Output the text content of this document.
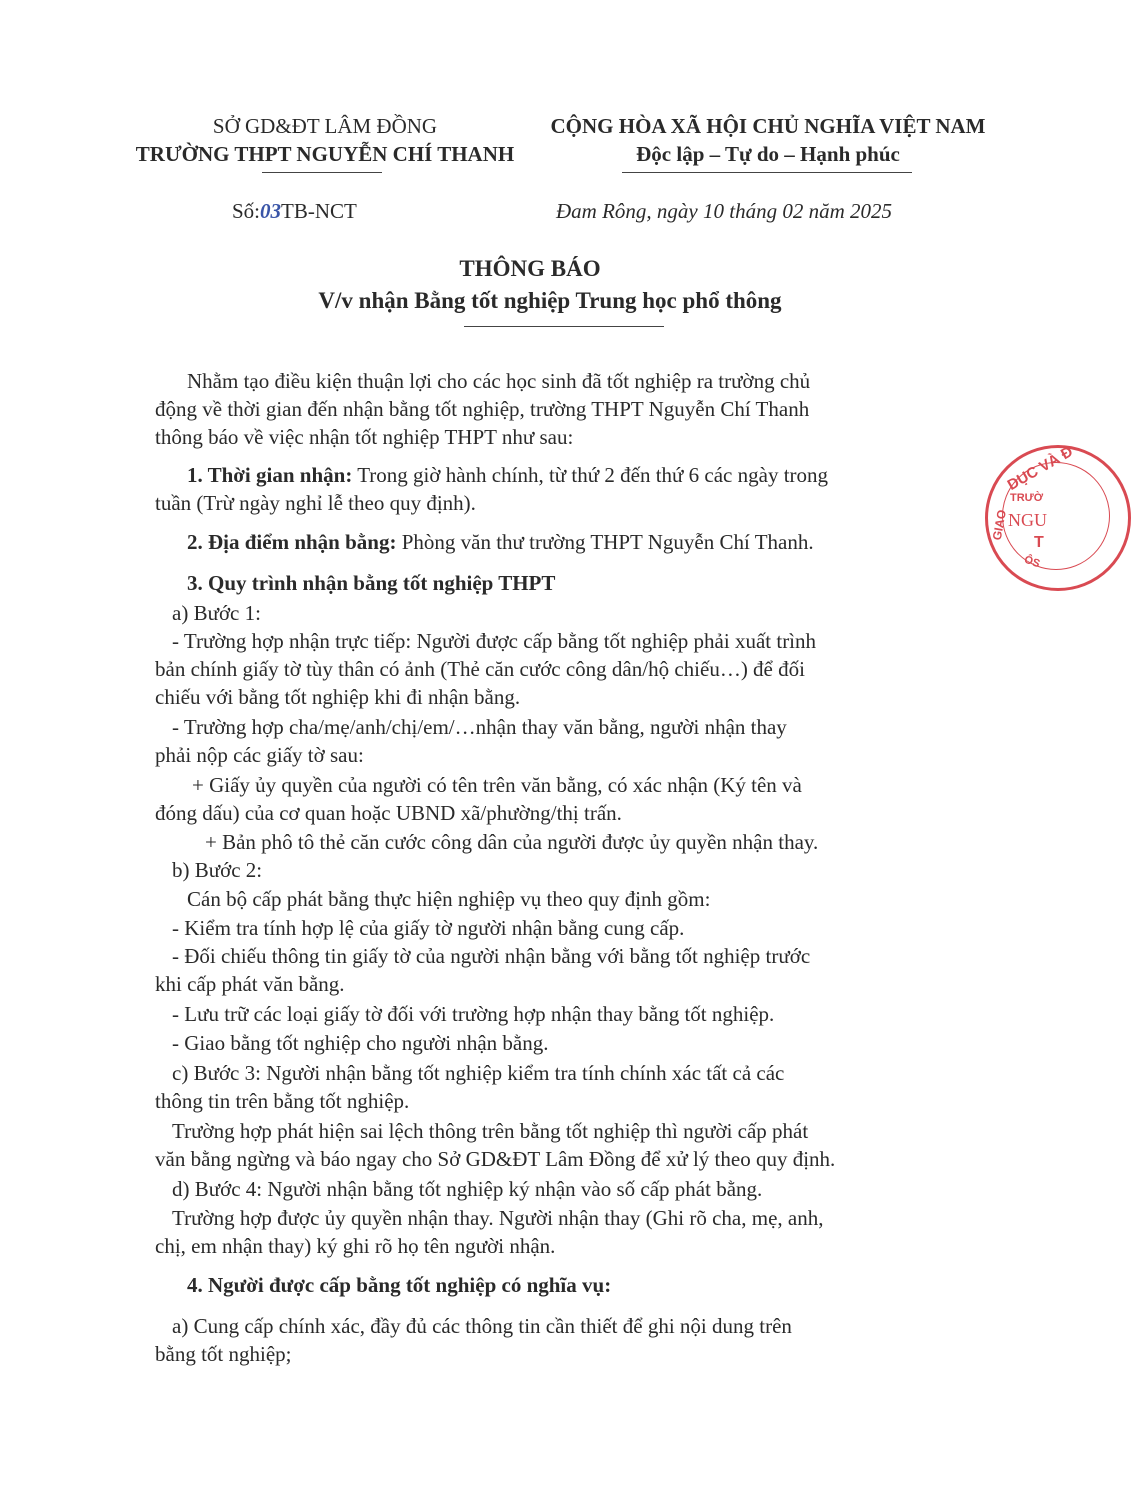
SỞ GD&ĐT LÂM ĐỒNG
TRƯỜNG THPT NGUYỄN CHÍ THANH
CỘNG HÒA XÃ HỘI CHỦ NGHĨA VIỆT NAM
Độc lập – Tự do – Hạnh phúc
Số:03TB-NCT	Đam Rông, ngày 10 tháng 02 năm 2025
THÔNG BÁO
V/v nhận Bằng tốt nghiệp Trung học phổ thông
Nhằm tạo điều kiện thuận lợi cho các học sinh đã tốt nghiệp ra trường chủ
động về thời gian đến nhận bằng tốt nghiệp, trường THPT Nguyễn Chí Thanh
thông báo về việc nhận tốt nghiệp THPT như sau:
1. Thời gian nhận: Trong giờ hành chính, từ thứ 2 đến thứ 6 các ngày trong
tuần (Trừ ngày nghỉ lễ theo quy định).
2. Địa điểm nhận bằng: Phòng văn thư trường THPT Nguyễn Chí Thanh.
3. Quy trình nhận bằng tốt nghiệp THPT
a) Bước 1:
- Trường hợp nhận trực tiếp: Người được cấp bằng tốt nghiệp phải xuất trình
bản chính giấy tờ tùy thân có ảnh (Thẻ căn cước công dân/hộ chiếu…) để đối
chiếu với bằng tốt nghiệp khi đi nhận bằng.
- Trường hợp cha/mẹ/anh/chị/em/…nhận thay văn bằng, người nhận thay
phải nộp các giấy tờ sau:
+ Giấy ủy quyền của người có tên trên văn bằng, có xác nhận (Ký tên và
đóng dấu) của cơ quan hoặc UBND xã/phường/thị trấn.
+ Bản phô tô thẻ căn cước công dân của người được ủy quyền nhận thay.
b) Bước 2:
Cán bộ cấp phát bằng thực hiện nghiệp vụ theo quy định gồm:
- Kiểm tra tính hợp lệ của giấy tờ người nhận bằng cung cấp.
- Đối chiếu thông tin giấy tờ của người nhận bằng với bằng tốt nghiệp trước
khi cấp phát văn bằng.
- Lưu trữ các loại giấy tờ đối với trường hợp nhận thay bằng tốt nghiệp.
- Giao bằng tốt nghiệp cho người nhận bằng.
c) Bước 3: Người nhận bằng tốt nghiệp kiểm tra tính chính xác tất cả các
thông tin trên bằng tốt nghiệp.
Trường hợp phát hiện sai lệch thông trên bằng tốt nghiệp thì người cấp phát
văn bằng ngừng và báo ngay cho Sở GD&ĐT Lâm Đồng để xử lý theo quy định.
d) Bước 4: Người nhận bằng tốt nghiệp ký nhận vào số cấp phát bằng.
Trường hợp được ủy quyền nhận thay. Người nhận thay (Ghi rõ cha, mẹ, anh,
chị, em nhận thay) ký ghi rõ họ tên người nhận.
4. Người được cấp bằng tốt nghiệp có nghĩa vụ:
a) Cung cấp chính xác, đầy đủ các thông tin cần thiết để ghi nội dung trên
bằng tốt nghiệp;
DỤC VÀ Đ
TRƯỜ
NGU
T
GIAO
ÔS
